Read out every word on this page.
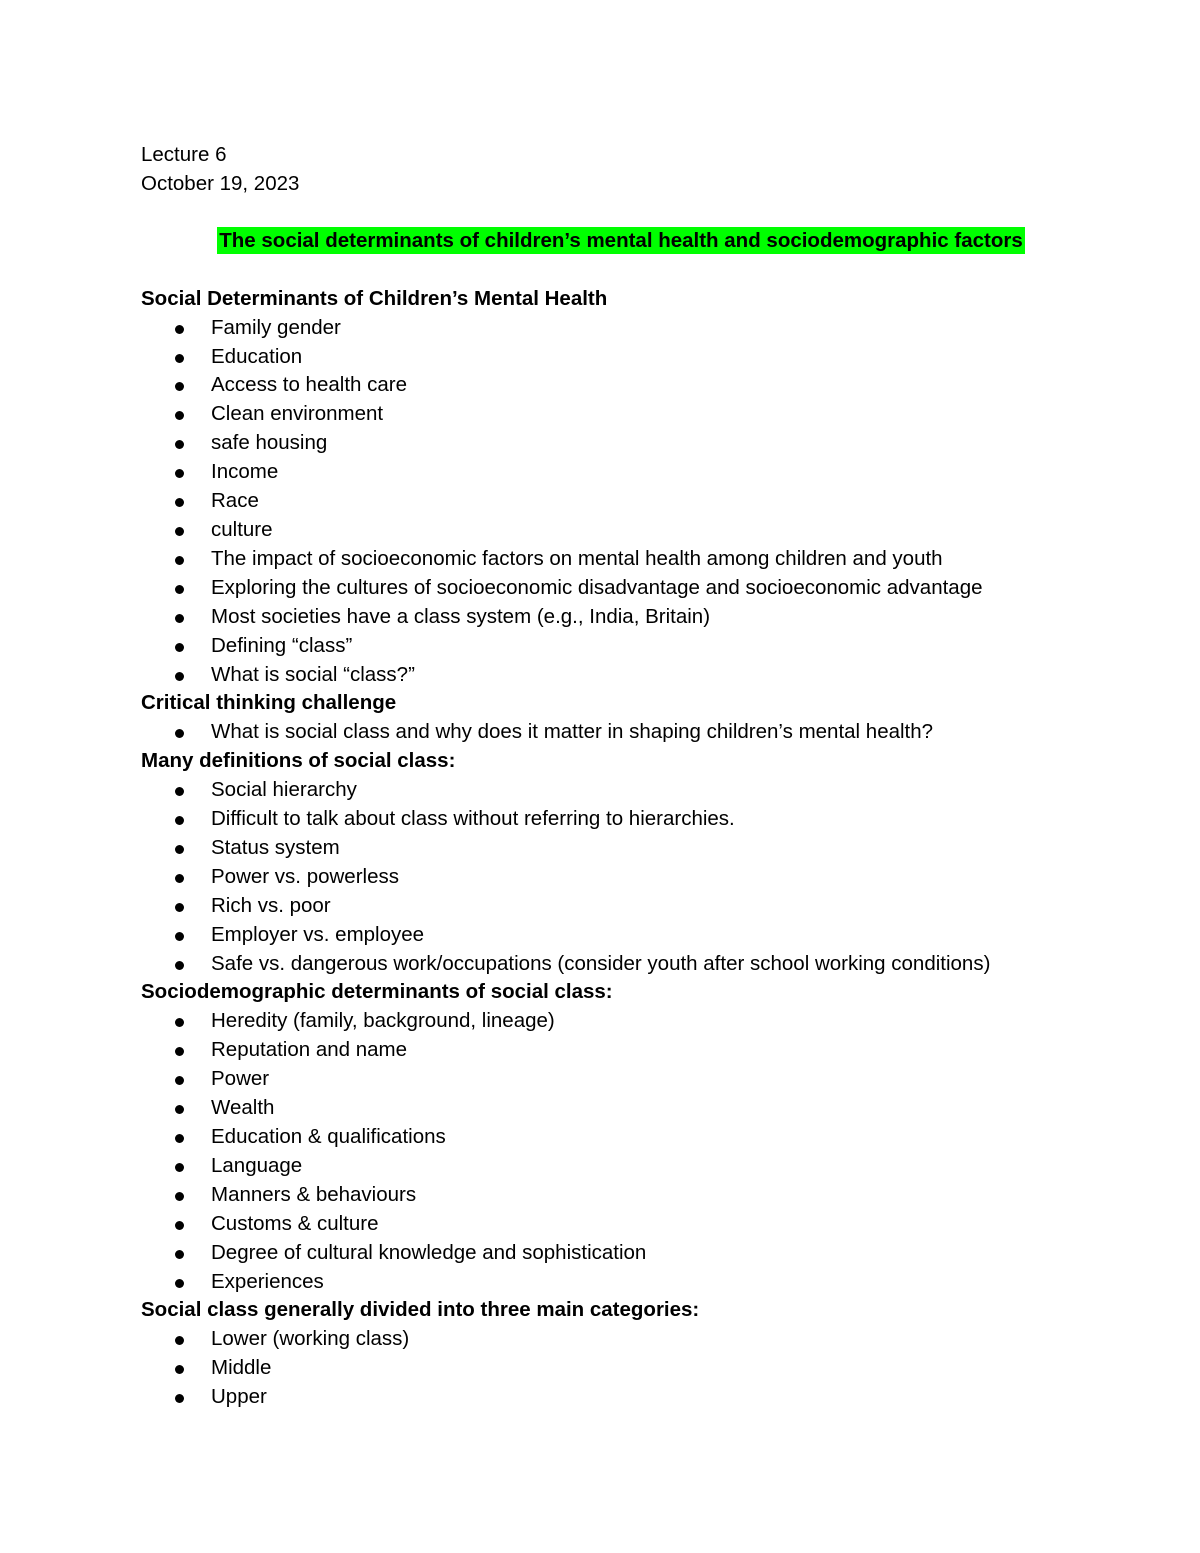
Lecture 6
October 19, 2023
The social determinants of children’s mental health and sociodemographic factors
Social Determinants of Children’s Mental Health
Family gender
Education
Access to health care
Clean environment
safe housing
Income
Race
culture
The impact of socioeconomic factors on mental health among children and youth
Exploring the cultures of socioeconomic disadvantage and socioeconomic advantage
Most societies have a class system (e.g., India, Britain)
Defining “class”
What is social “class?”
Critical thinking challenge
What is social class and why does it matter in shaping children’s mental health?
Many definitions of social class:
Social hierarchy
Difficult to talk about class without referring to hierarchies.
Status system
Power vs. powerless
Rich vs. poor
Employer vs. employee
Safe vs. dangerous work/occupations (consider youth after school working conditions)
Sociodemographic determinants of social class:
Heredity (family, background, lineage)
Reputation and name
Power
Wealth
Education & qualifications
Language
Manners & behaviours
Customs & culture
Degree of cultural knowledge and sophistication
Experiences
Social class generally divided into three main categories:
Lower (working class)
Middle
Upper
